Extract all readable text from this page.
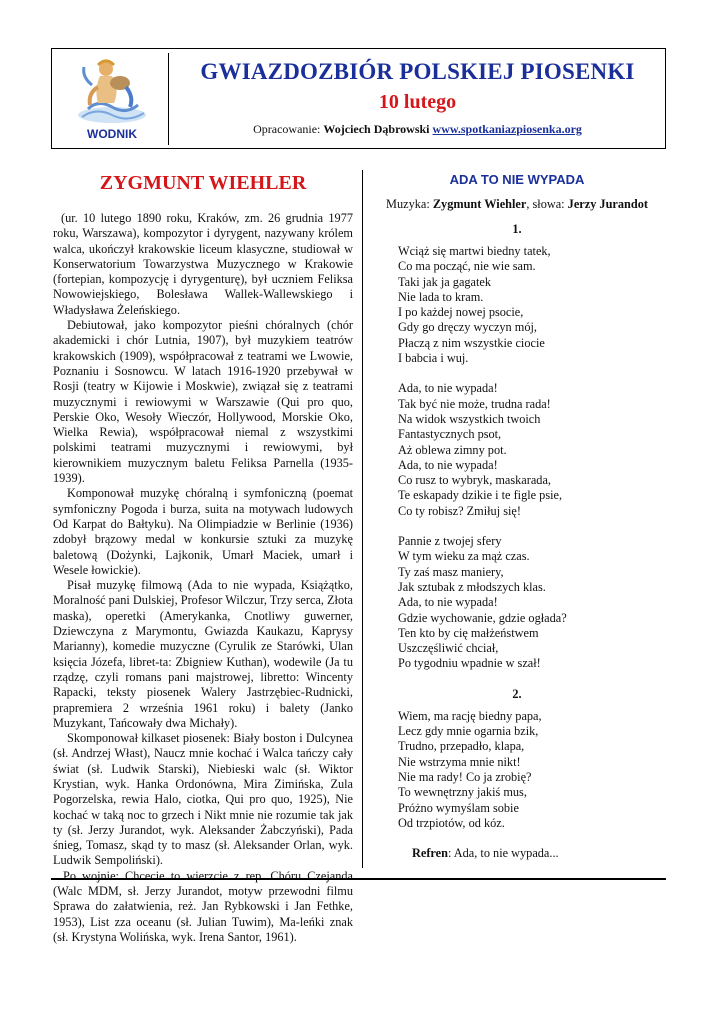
WODNIK
GWIAZDOZBIÓR POLSKIEJ PIOSENKI
10 lutego
Opracowanie: Wojciech Dąbrowski www.spotkaniazpiosenka.org
ZYGMUNT WIEHLER

(ur. 10 lutego 1890 roku, Kraków, zm. 26 grudnia 1977 roku, Warszawa), kompozytor i dyrygent, nazywany królem walca, ukończył krakowskie liceum klasyczne, studiował w Konserwatorium Towarzystwa Muzycznego w Krakowie (fortepian, kompozycję i dyrygenturę), był uczniem Feliksa Nowowiejskiego, Bolesława Wallek-Wallewskiego i Władysława Żeleńskiego.

Debiutował, jako kompozytor pieśni chóralnych (chór akademicki i chór Lutnia, 1907), był muzykiem teatrów krakowskich (1909), współpracował z teatrami we Lwowie, Poznaniu i Sosnowcu. W latach 1916-1920 przebywał w Rosji (teatry w Kijowie i Moskwie), związał się z teatrami muzycznymi i rewiowymi w Warszawie (Qui pro quo, Perskie Oko, Wesoły Wieczór, Hollywood, Morskie Oko, Wielka Rewia), współpracował niemal z wszystkimi polskimi teatrami muzycznymi i rewiowymi, był kierownikiem muzycznym baletu Feliksa Parnella (1935-1939).

Komponował muzykę chóralną i symfoniczną (poemat symfoniczny Pogoda i burza, suita na motywach ludowych Od Karpat do Bałtyku). Na Olimpiadzie w Berlinie (1936) zdobył brązowy medal w konkursie sztuki za muzykę baletową (Dożynki, Lajkonik, Umarł Maciek, umarł i Wesele łowickie).

Pisał muzykę filmową (Ada to nie wypada, Książątko, Moralność pani Dulskiej, Profesor Wilczur, Trzy serca, Złota maska), operetki (Amerykanka, Cnotliwy guwerner, Dziewczyna z Marymontu, Gwiazda Kaukazu, Kaprysy Marianny), komedie muzyczne (Cyrulik ze Starówki, Ulan księcia Józefa, libret-ta: Zbigniew Kuthan), wodewile (Ja tu rządzę, czyli romans pani majstrowej, libretto: Wincenty Rapacki, teksty piosenek Walery Jastrzębiec-Rudnicki, prapremiera 2 września 1961 roku) i balety (Janko Muzykant, Tańcowały dwa Michały).

Skomponował kilkaset piosenek: Biały boston i Dulcynea (sł. Andrzej Włast), Naucz mnie kochać i Walca tańczy cały świat (sł. Ludwik Starski), Niebieski walc (sł. Wiktor Krystian, wyk. Hanka Ordonówna, Mira Zimińska, Zula Pogorzelska, rewia Halo, ciotka, Qui pro quo, 1925), Nie kochać w taką noc to grzech i Nikt mnie nie rozumie tak jak ty (sł. Jerzy Jurandot, wyk. Aleksander Żabczyński), Pada śnieg, Tomasz, skąd ty to masz (sł. Aleksander Orlan, wyk. Ludwik Sempoliński).

Po wojnie: Chcecie to wierzcie z rep. Chóru Czejanda (Walc MDM, sł. Jerzy Jurandot, motyw przewodni filmu Sprawa do załatwienia, reż. Jan Rybkowski i Jan Fethke, 1953), List zza oceanu (sł. Julian Tuwim), Ma-leńki znak (sł. Krystyna Wolińska, wyk. Irena Santor, 1961).

ADA TO NIE WYPADA
Muzyka: Zygmunt Wiehler, słowa: Jerzy Jurandot
1.
Wciąż się martwi biedny tatek,
Co ma począć, nie wie sam.
Taki jak ja gagatek
Nie lada to kram.
I po każdej nowej psocie,
Gdy go dręczy wyczyn mój,
Płaczą z nim wszystkie ciocie
I babcia i wuj.
Ada, to nie wypada!
Tak być nie może, trudna rada!
Na widok wszystkich twoich
Fantastycznych psot,
Aż oblewa zimny pot.
Ada, to nie wypada!
Co rusz to wybryk, maskarada,
Te eskapady dzikie i te figle psie,
Co ty robisz? Zmiłuj się!
Pannie z twojej sfery
W tym wieku za mąż czas.
Ty zaś masz maniery,
Jak sztubak z młodszych klas.
Ada, to nie wypada!
Gdzie wychowanie, gdzie ogłada?
Ten kto by cię małżeństwem
Uszczęśliwić chciał,
Po tygodniu wpadnie w szał!
2.
Wiem, ma rację biedny papa,
Lecz gdy mnie ogarnia bzik,
Trudno, przepadło, klapa,
Nie wstrzyma mnie nikt!
Nie ma rady! Co ja zrobię?
To wewnętrzny jakiś mus,
Próżno wymyślam sobie
Od trzpiotów, od kóz.
Refren: Ada, to nie wypada...
